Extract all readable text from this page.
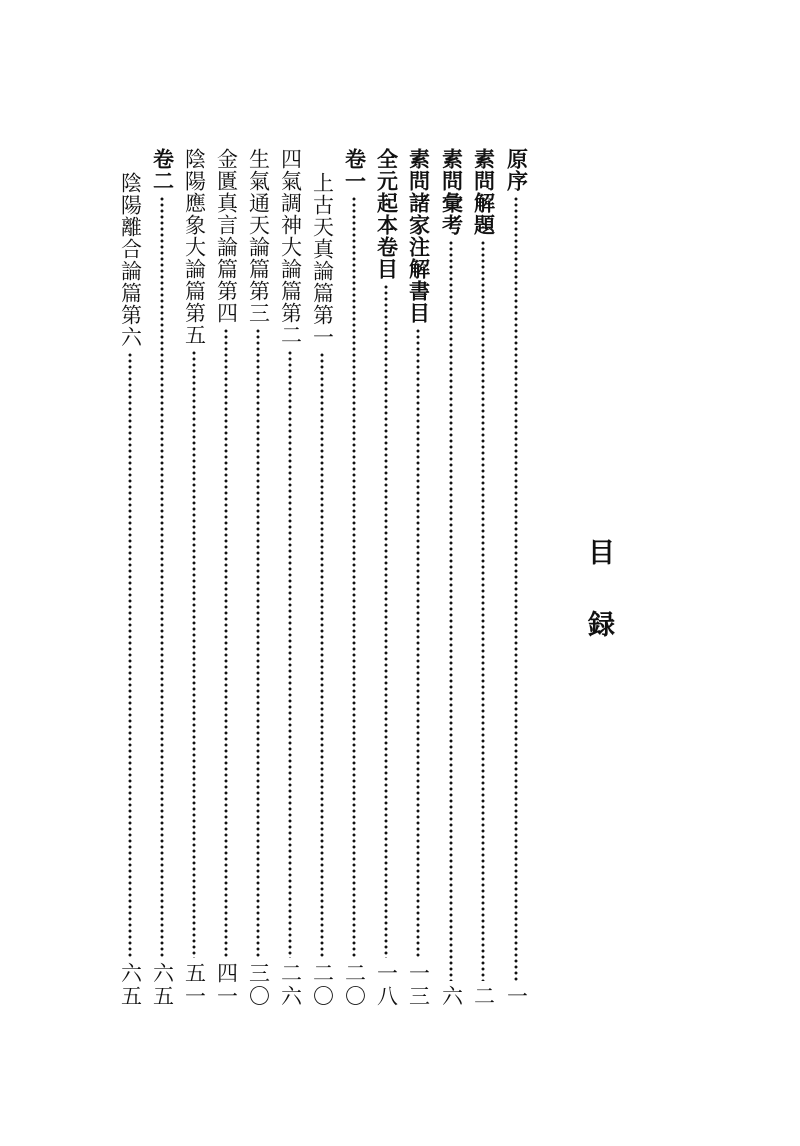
目 録
原序
一
素問解題
二
素問彙考
六
素問諸家注解書目
一三
全元起本卷目
一八
卷一
二〇
上古天真論篇第一
二〇
四氣調神大論篇第二
二六
生氣通天論篇第三
三〇
金匱真言論篇第四
四一
陰陽應象大論篇第五
五一
卷二
六五
陰陽離合論篇第六
六五
